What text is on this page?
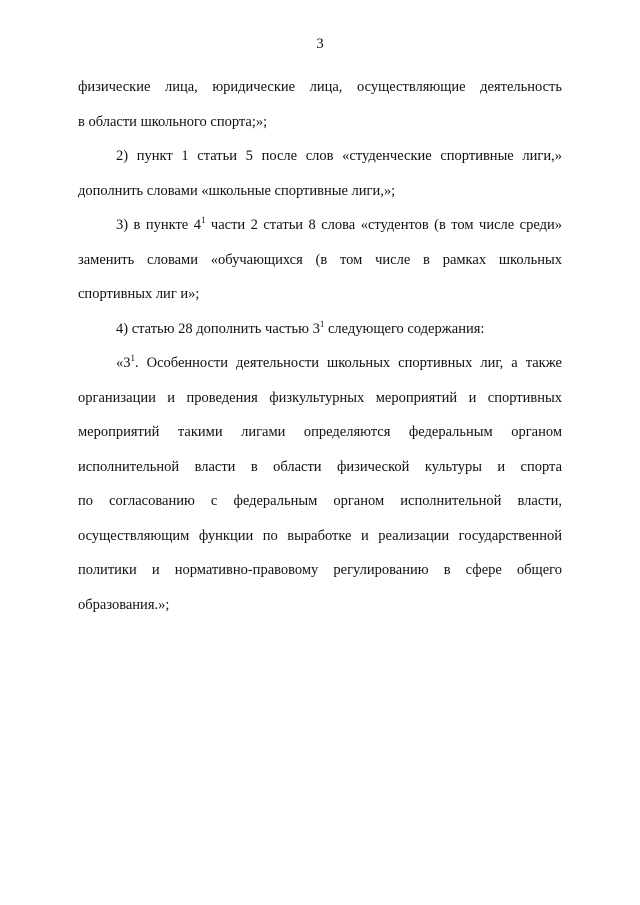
3
физические лица, юридические лица, осуществляющие деятельность
в области школьного спорта;»;
2) пункт 1 статьи 5 после слов «студенческие спортивные лиги,»
дополнить словами «школьные спортивные лиги,»;
3) в пункте $4^1$ части 2 статьи 8 слова «студентов (в том числе среди»
заменить словами «обучающихся (в том числе в рамках школьных
спортивных лиг и»;
4) статью 28 дополнить частью $3^1$ следующего содержания:
«$3^1$. Особенности деятельности школьных спортивных лиг, а также
организации и проведения физкультурных мероприятий и спортивных
мероприятий такими лигами определяются федеральным органом
исполнительной власти в области физической культуры и спорта
по согласованию с федеральным органом исполнительной власти,
осуществляющим функции по выработке и реализации государственной
политики и нормативно-правовому регулированию в сфере общего
образования.»;
